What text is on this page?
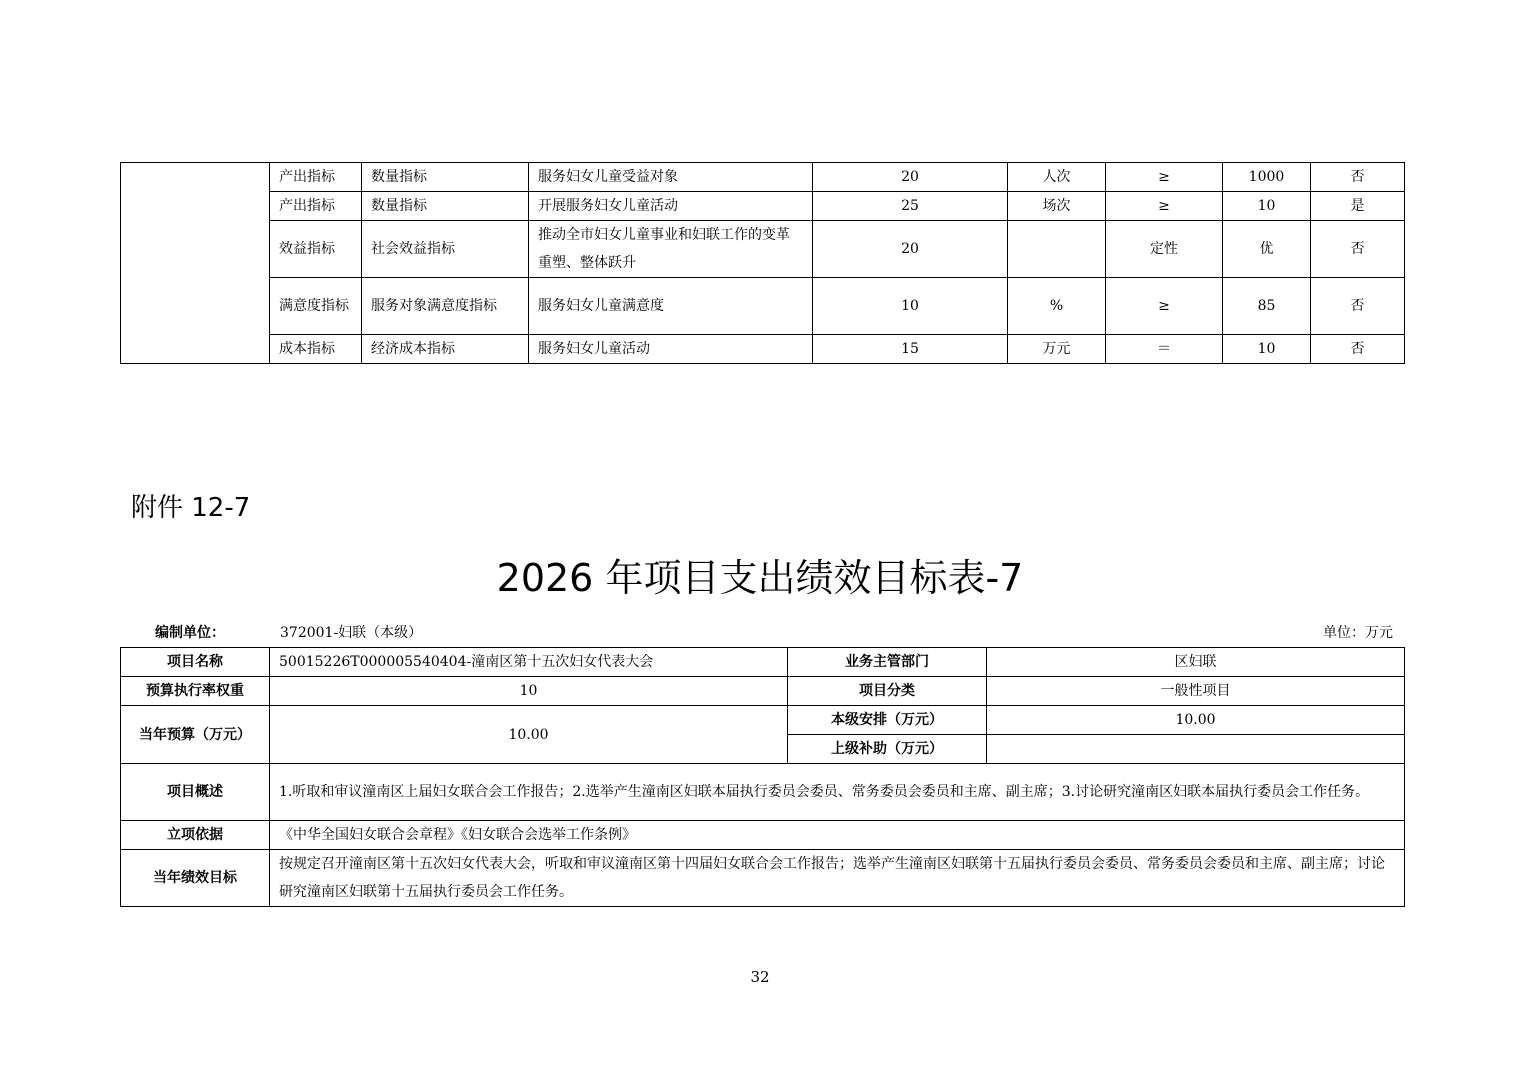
	产出指标	数量指标	服务妇女儿童受益对象	20	人次	≥	1000	否
	产出指标	数量指标	开展服务妇女儿童活动	25	场次	≥	10	是
	效益指标	社会效益指标	推动全市妇女儿童事业和妇联工作的变革重塑、整体跃升	20		定性	优	否
	满意度指标	服务对象满意度指标	服务妇女儿童满意度	10	%	≥	85	否
	成本指标	经济成本指标	服务妇女儿童活动	15	万元	＝	10	否
附件 12-7
2026 年项目支出绩效目标表-7
编制单位：	372001-妇联（本级）	单位：万元
项目名称	50015226T000005540404-潼南区第十五次妇女代表大会	业务主管部门	区妇联
预算执行率权重	10	项目分类	一般性项目
当年预算（万元）	10.00	本级安排（万元）	10.00
		上级补助（万元）	
项目概述	1.听取和审议潼南区上届妇女联合会工作报告；2.选举产生潼南区妇联本届执行委员会委员、常务委员会委员和主席、副主席；3.讨论研究潼南区妇联本届执行委员会工作任务。		
立项依据	《中华全国妇女联合会章程》《妇女联合会选举工作条例》		
当年绩效目标	按规定召开潼南区第十五次妇女代表大会，听取和审议潼南区第十四届妇女联合会工作报告；选举产生潼南区妇联第十五届执行委员会委员、常务委员会委员和主席、副主席；讨论研究潼南区妇联第十五届执行委员会工作任务。		
32
